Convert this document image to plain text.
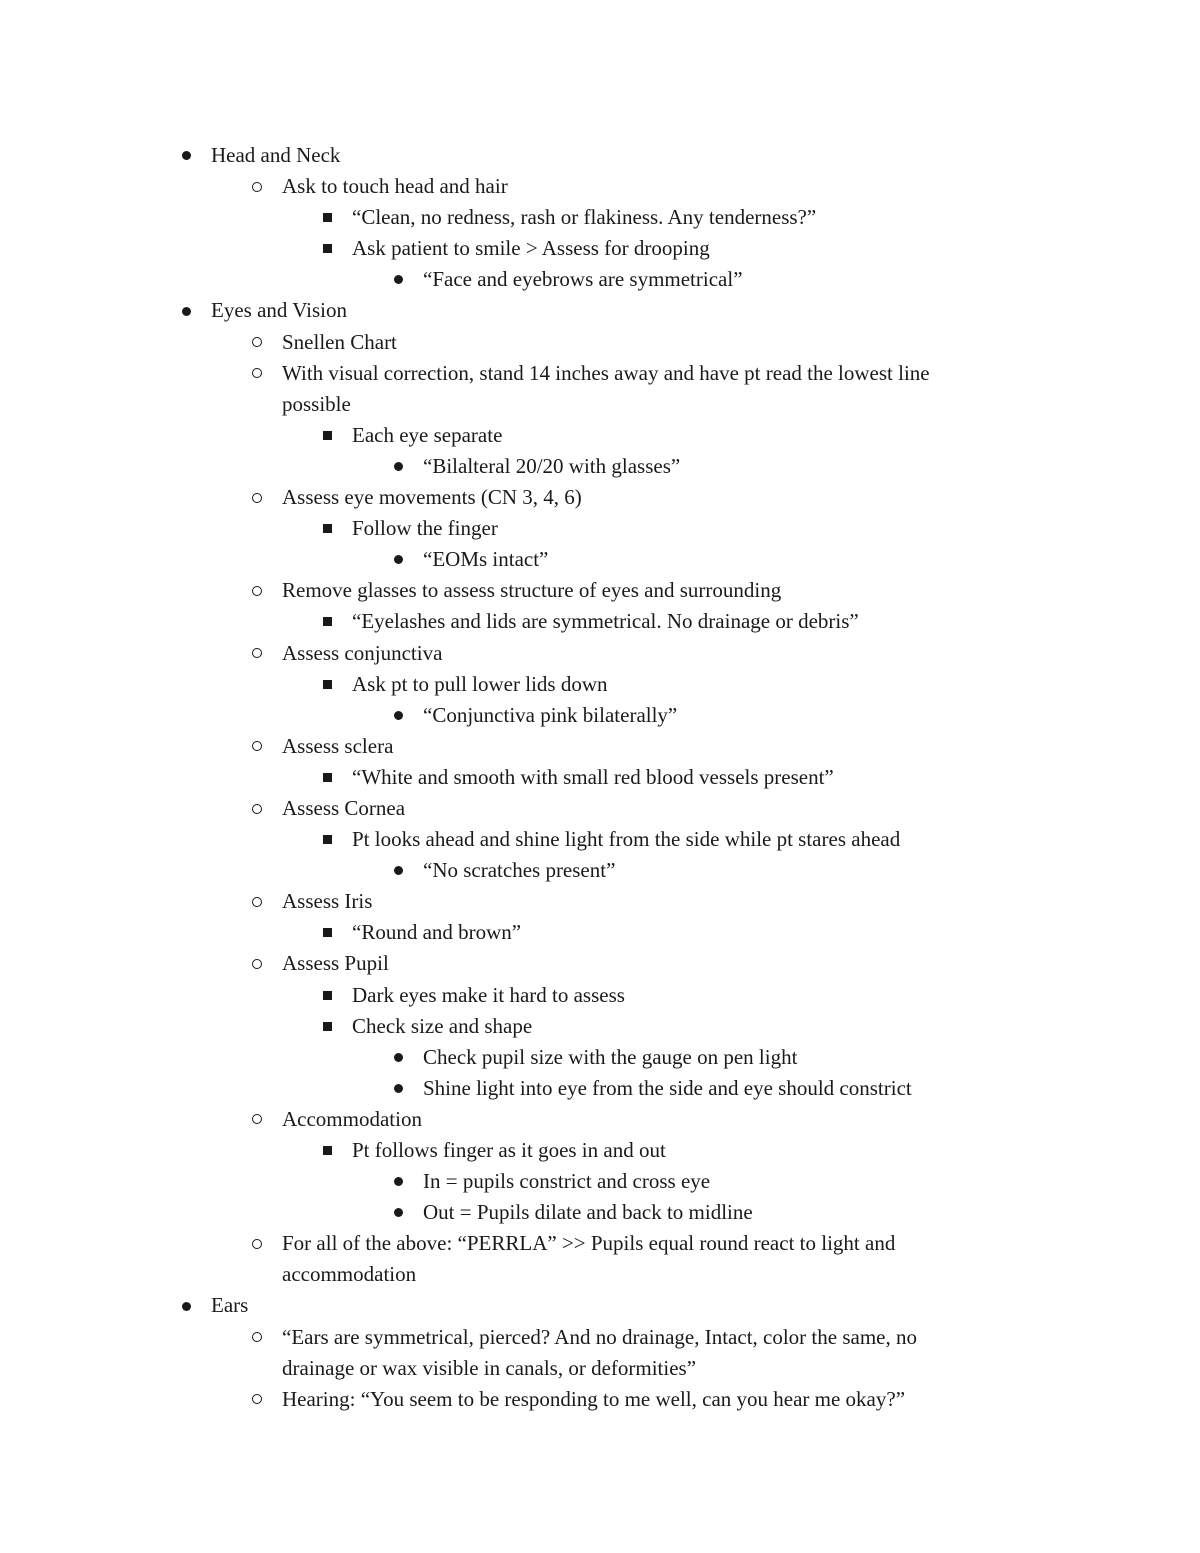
Head and Neck
Ask to touch head and hair
“Clean, no redness, rash or flakiness. Any tenderness?”
Ask patient to smile > Assess for drooping
“Face and eyebrows are symmetrical”
Eyes and Vision
Snellen Chart
With visual correction, stand 14 inches away and have pt read the lowest line
possible
Each eye separate
“Bilalteral 20/20 with glasses”
Assess eye movements (CN 3, 4, 6)
Follow the finger
“EOMs intact”
Remove glasses to assess structure of eyes and surrounding
“Eyelashes and lids are symmetrical. No drainage or debris”
Assess conjunctiva
Ask pt to pull lower lids down
“Conjunctiva pink bilaterally”
Assess sclera
“White and smooth with small red blood vessels present”
Assess Cornea
Pt looks ahead and shine light from the side while pt stares ahead
“No scratches present”
Assess Iris
“Round and brown”
Assess Pupil
Dark eyes make it hard to assess
Check size and shape
Check pupil size with the gauge on pen light
Shine light into eye from the side and eye should constrict
Accommodation
Pt follows finger as it goes in and out
In = pupils constrict and cross eye
Out = Pupils dilate and back to midline
For all of the above: “PERRLA” >> Pupils equal round react to light and
accommodation
Ears
“Ears are symmetrical, pierced? And no drainage, Intact, color the same, no
drainage or wax visible in canals, or deformities”
Hearing: “You seem to be responding to me well, can you hear me okay?”
